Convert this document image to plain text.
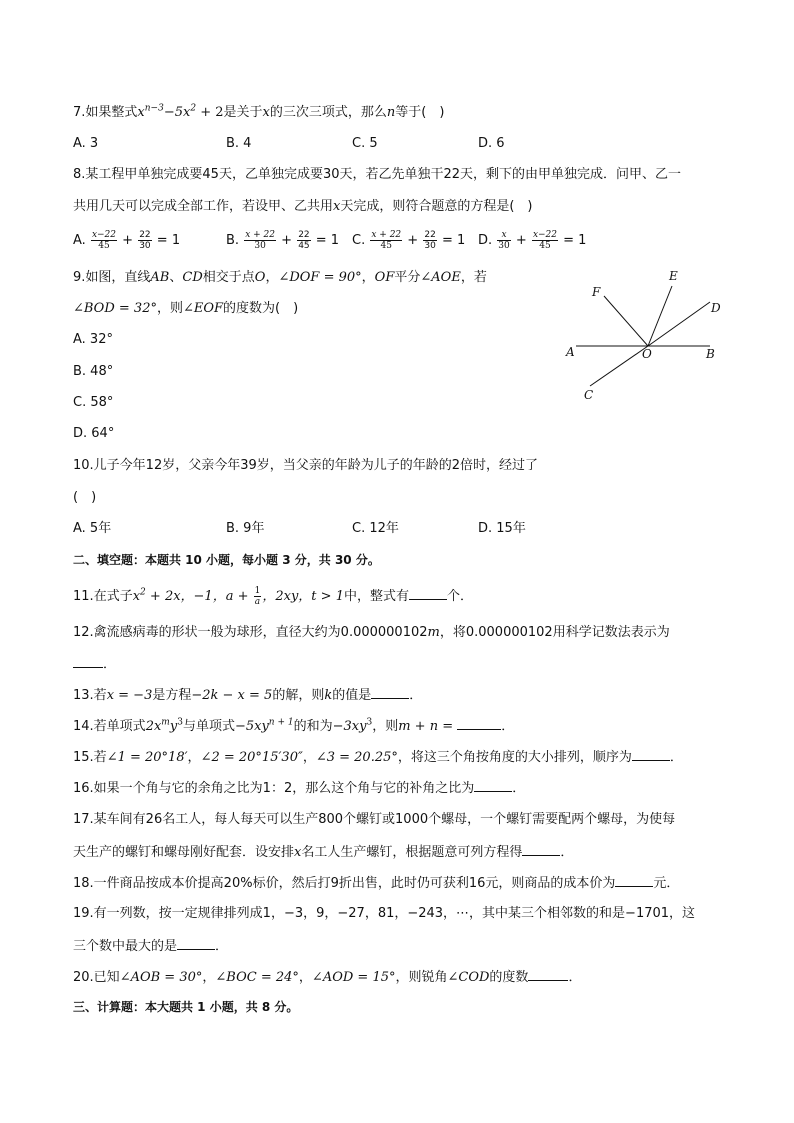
7.如果整式$x^{n-3}-5x^2 + 2$是关于x的三次三项式，那么n等于(　)
A. 3	B. 4	C. 5	D. 6
8.某工程甲单独完成要45天，乙单独完成要30天，若乙先单独干22天，剩下的由甲单独完成．问甲、乙一
共用几天可以完成全部工作，若设甲、乙共用x天完成，则符合题意的方程是(　)
A. $\frac{x-22}{45} + \frac{22}{30} = 1$	B. $\frac{x + 22}{30} + \frac{22}{45} = 1$ C. $\frac{x + 22}{45} + \frac{22}{30} = 1$ D. $\frac{x}{30} + \frac{x-22}{45} = 1$
9.如图，直线AB、CD相交于点O，∠DOF = 90°，OF平分∠AOE，若
∠BOD = 32°，则∠EOF的度数为(　)
A. 32°
B. 48°
C. 58°
D. 64°
F
E
D
A	O	B
C
10.儿子今年12岁，父亲今年39岁，当父亲的年龄为儿子的年龄的2倍时，经过了
(　)
A. 5年	B. 9年	C. 12年	D. 15年
二、填空题：本题共 10 小题，每小题 3 分，共 30 分。
11.在式子$x^2 + 2x$，−1，$a + \frac{1}{a}$ ，2xy，t > 1中，整式有	个．
12.禽流感病毒的形状一般为球形，直径大约为0.000000102m，将0.000000102用科学记数法表示为
．
13.若x = −3是方程−2k − x = 5的解，则k的值是	．
14.若单项式$2x^my^3$与单项式$-5xy^{n + 1}$的和为$-3xy^3$，则m + n =	．
15.若∠1 = 20°18′，∠2 = 20°15′30″，∠3 = 20.25°，将这三个角按角度的大小排列，顺序为	．
16.如果一个角与它的余角之比为1：2，那么这个角与它的补角之比为	．
17.某车间有26名工人，每人每天可以生产800个螺钉或1000个螺母，一个螺钉需要配两个螺母，为使每
天生产的螺钉和螺母刚好配套．设安排x名工人生产螺钉，根据题意可列方程得	．
18.一件商品按成本价提高20%标价，然后打9折出售，此时仍可获利16元，则商品的成本价为	元．
19.有一列数，按一定规律排列成1，−3，9，−27，81，−243，⋯，其中某三个相邻数的和是−1701，这
三个数中最大的是	．
20.已知∠AOB = 30°，∠BOC = 24°，∠AOD = 15°，则锐角∠COD的度数	．
三、计算题：本大题共 1 小题，共 8 分。
